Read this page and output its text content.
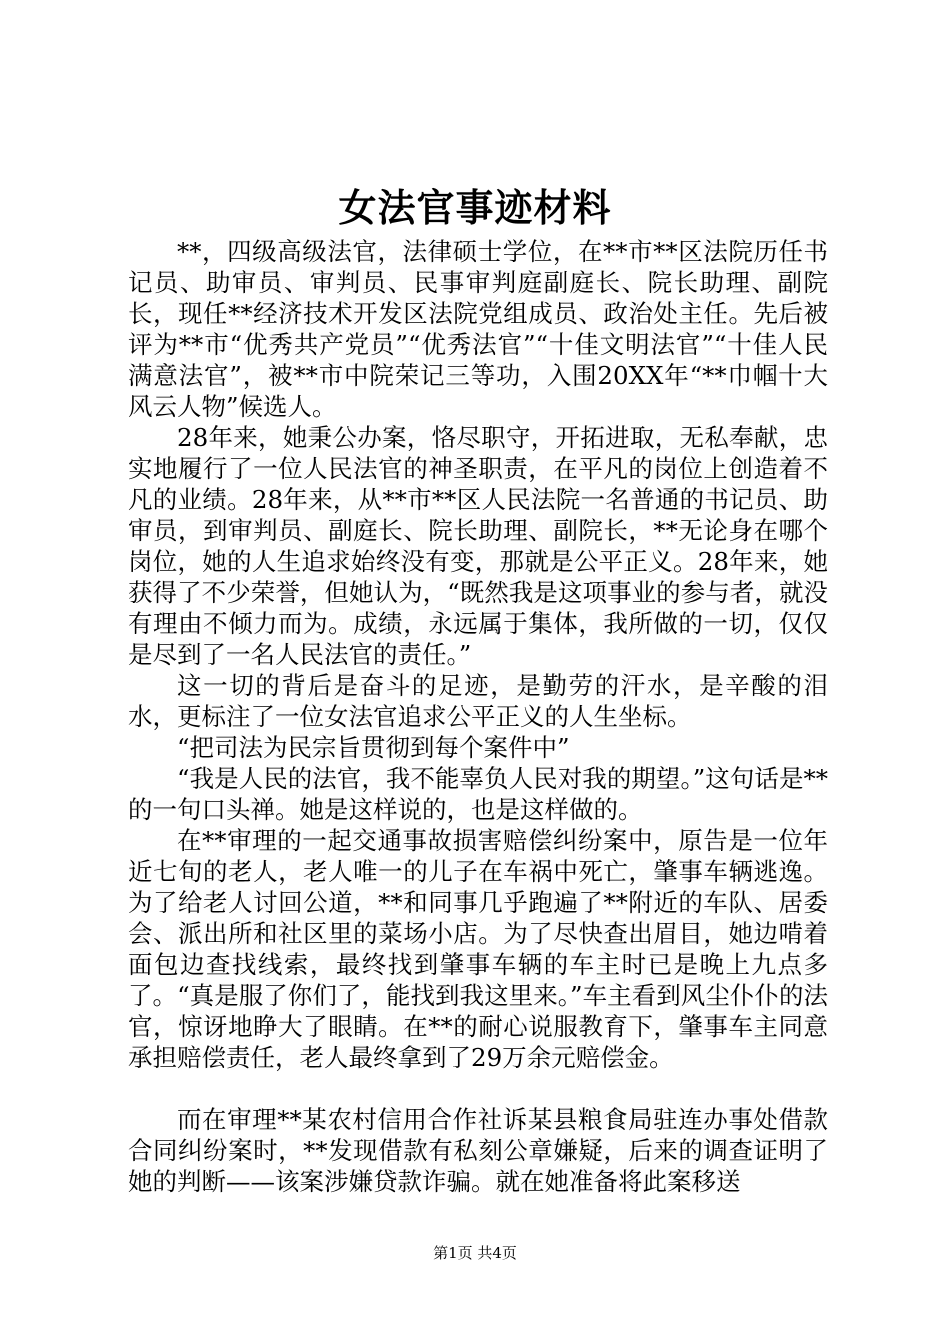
女法官事迹材料

**，四级高级法官，法律硕士学位，在**市**区法院历任书记员、助审员、审判员、民事审判庭副庭长、院长助理、副院长，现任**经济技术开发区法院党组成员、政治处主任。先后被评为**市“优秀共产党员”“优秀法官”“十佳文明法官”“十佳人民满意法官”，被**市中院荣记三等功，入围20XX年“**巾帼十大风云人物”候选人。

28年来，她秉公办案，恪尽职守，开拓进取，无私奉献，忠实地履行了一位人民法官的神圣职责，在平凡的岗位上创造着不凡的业绩。28年来，从**市**区人民法院一名普通的书记员、助审员，到审判员、副庭长、院长助理、副院长，**无论身在哪个岗位，她的人生追求始终没有变，那就是公平正义。28年来，她获得了不少荣誉，但她认为，“既然我是这项事业的参与者，就没有理由不倾力而为。成绩，永远属于集体，我所做的一切，仅仅是尽到了一名人民法官的责任。”

这一切的背后是奋斗的足迹，是勤劳的汗水，是辛酸的泪水，更标注了一位女法官追求公平正义的人生坐标。

“把司法为民宗旨贯彻到每个案件中”

“我是人民的法官，我不能辜负人民对我的期望。”这句话是**的一句口头禅。她是这样说的，也是这样做的。

在**审理的一起交通事故损害赔偿纠纷案中，原告是一位年近七旬的老人，老人唯一的儿子在车祸中死亡，肇事车辆逃逸。为了给老人讨回公道，**和同事几乎跑遍了**附近的车队、居委会、派出所和社区里的菜场小店。为了尽快查出眉目，她边啃着面包边查找线索，最终找到肇事车辆的车主时已是晚上九点多了。“真是服了你们了，能找到我这里来。”车主看到风尘仆仆的法官，惊讶地睁大了眼睛。在**的耐心说服教育下，肇事车主同意承担赔偿责任，老人最终拿到了29万余元赔偿金。

而在审理**某农村信用合作社诉某县粮食局驻连办事处借款合同纠纷案时，**发现借款有私刻公章嫌疑，后来的调查证明了她的判断——该案涉嫌贷款诈骗。就在她准备将此案移送

第1页 共4页
